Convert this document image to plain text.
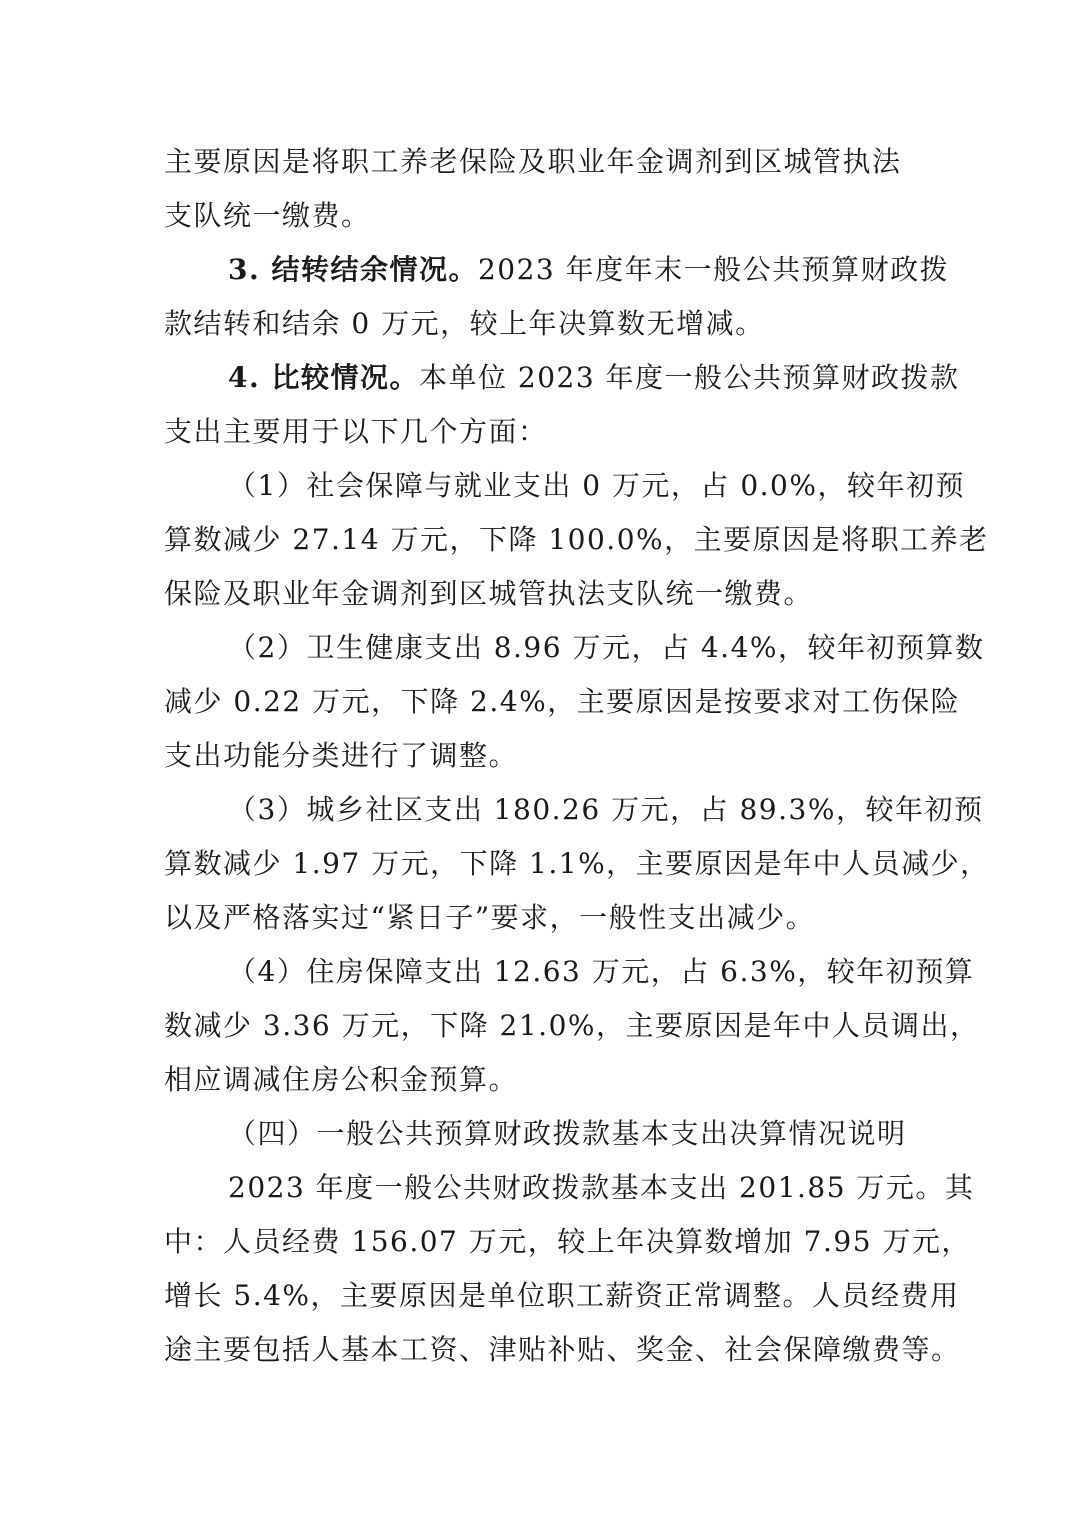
主要原因是将职工养老保险及职业年金调剂到区城管执法
支队统一缴费。
3. 结转结余情况。2023 年度年末一般公共预算财政拨
款结转和结余 0 万元，较上年决算数无增减。
4. 比较情况。本单位 2023 年度一般公共预算财政拨款
支出主要用于以下几个方面：
（1）社会保障与就业支出 0 万元，占 0.0%，较年初预
算数减少 27.14 万元，下降 100.0%，主要原因是将职工养老
保险及职业年金调剂到区城管执法支队统一缴费。
（2）卫生健康支出 8.96 万元，占 4.4%，较年初预算数
减少 0.22 万元，下降 2.4%，主要原因是按要求对工伤保险
支出功能分类进行了调整。
（3）城乡社区支出 180.26 万元，占 89.3%，较年初预
算数减少 1.97 万元，下降 1.1%，主要原因是年中人员减少，
以及严格落实过“紧日子”要求，一般性支出减少。
（4）住房保障支出 12.63 万元，占 6.3%，较年初预算
数减少 3.36 万元，下降 21.0%，主要原因是年中人员调出，
相应调减住房公积金预算。
（四）一般公共预算财政拨款基本支出决算情况说明
2023 年度一般公共财政拨款基本支出 201.85 万元。其
中：人员经费 156.07 万元，较上年决算数增加 7.95 万元，
增长 5.4%，主要原因是单位职工薪资正常调整。人员经费用
途主要包括人基本工资、津贴补贴、奖金、社会保障缴费等。
